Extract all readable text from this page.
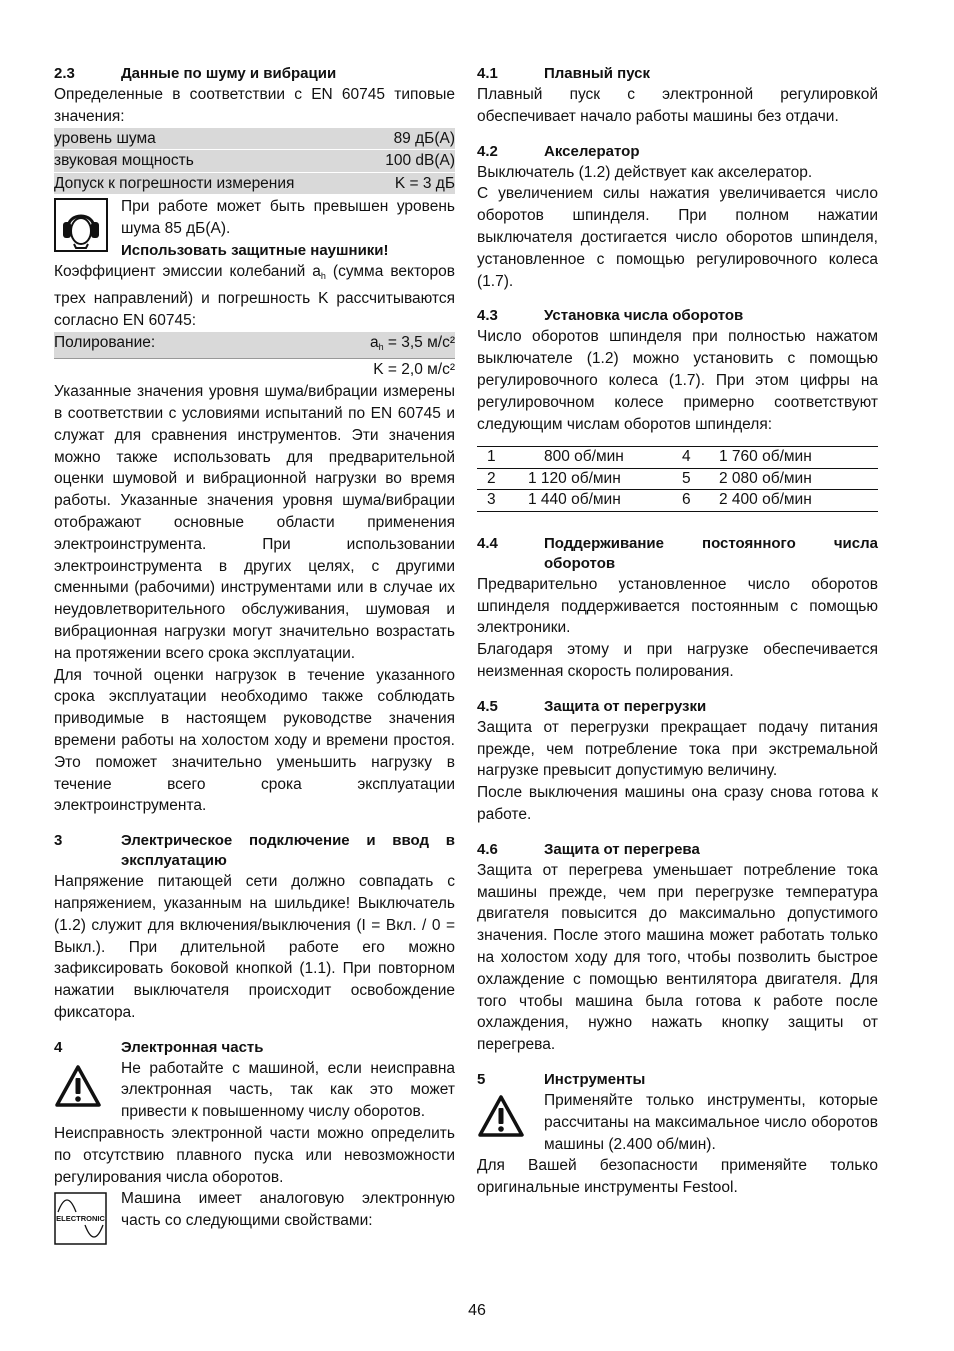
2.3	Данные по шуму и вибрации

Определенные в соответствии с EN 60745 типовые значения:

уровень шума	89 дБ(A)
звуковая мощность	100 dB(A)
Допуск к погрешности измерения	K = 3 дБ

При работе может быть превышен уровень шума 85 дБ(А).

Использовать защитные наушники!

Коэффициент эмиссии колебаний $a_h$ (сумма векторов трех направлений) и погрешность K рассчитываются согласно EN 60745:

Полирование:	$a_h = 3,5$ м/с²
K = 2,0 м/с²

Указанные значения уровня шума/вибрации измерены в соответствии с условиями испытаний по EN 60745 и служат для сравнения инструментов. Эти значения можно также использовать для предварительной оценки шумовой и вибрационной нагрузки во время работы. Указанные значения уровня шума/вибрации отображают основные области применения электроинструмента. При использовании электроинструмента в других целях, с другими сменными (рабочими) инструментами или в случае их неудовлетворительного обслуживания, шумовая и вибрационная нагрузки могут значительно возрастать на протяжении всего срока эксплуатации.

Для точной оценки нагрузок в течение указанного срока эксплуатации необходимо также соблюдать приводимые в настоящем руководстве значения времени работы на холостом ходу и времени простоя. Это поможет значительно уменьшить нагрузку в течение всего срока эксплуатации электроинструмента.

3	Электрическое подключение и ввод в эксплуатацию

Напряжение питающей сети должно совпадать с напряжением, указанным на шильдике! Выключатель (1.2) служит для включения/выключения (I = Вкл. / 0 = Выкл.). При длительной работе его можно зафиксировать боковой кнопкой (1.1). При повторном нажатии выключателя происходит освобождение фиксатора.

4	Электронная часть

Не работайте с машиной, если неисправна электронная часть, так как это может привести к повышенному числу оборотов.

Неисправность электронной части можно определить по отсутствию плавного пуска или невозможности регулирования числа оборотов.

ELECTRONIC

Машина имеет аналоговую электронную часть со следующими свойствами:

4.1	Плавный пуск

Плавный пуск с электронной регулировкой обеспечивает начало работы машины без отдачи.

4.2	Акселератор

Выключатель (1.2) действует как акселератор.

С увеличением силы нажатия увеличивается число оборотов шпинделя. При полном нажатии выключателя достигается число оборотов шпинделя, установленное с помощью регулировочного колеса (1.7).

4.3	Установка числа оборотов

Число оборотов шпинделя при полностью нажатом выключателе (1.2) можно установить с помощью регулировочного колеса (1.7). При этом цифры на регулировочном колесе примерно соответствуют следующим числам оборотов шпинделя:

1	800 об/мин	4	1 760 об/мин
2	1 120 об/мин	5	2 080 об/мин
3	1 440 об/мин	6	2 400 об/мин
4.4	Поддерживание постоянного числа оборотов

Предварительно установленное число оборотов шпинделя поддерживается постоянным с помощью электроники.

Благодаря этому и при нагрузке обеспечивается неизменная скорость полирования.

4.5	Защита от перегрузки

Защита от перегрузки прекращает подачу питания прежде, чем потребление тока при экстремальной нагрузке превысит допустимую величину.

После выключения машины она сразу снова готова к работе.

4.6	Защита от перегрева

Защита от перегрева уменьшает потребление тока машины прежде, чем при перегрузке температура двигателя повысится до максимально допустимого значения. После этого машина может работать только на холостом ходу для того, чтобы позволить быстрое охлаждение с помощью вентилятора двигателя. Для того чтобы машина была готова к работе после охлаждения, нужно нажать кнопку защиты от перегрева.

5	Инструменты

Применяйте только инструменты, которые рассчитаны на максимальное число оборотов машины (2.400 об/мин).

Для Вашей безопасности применяйте только оригинальные инструменты Festool.

46
